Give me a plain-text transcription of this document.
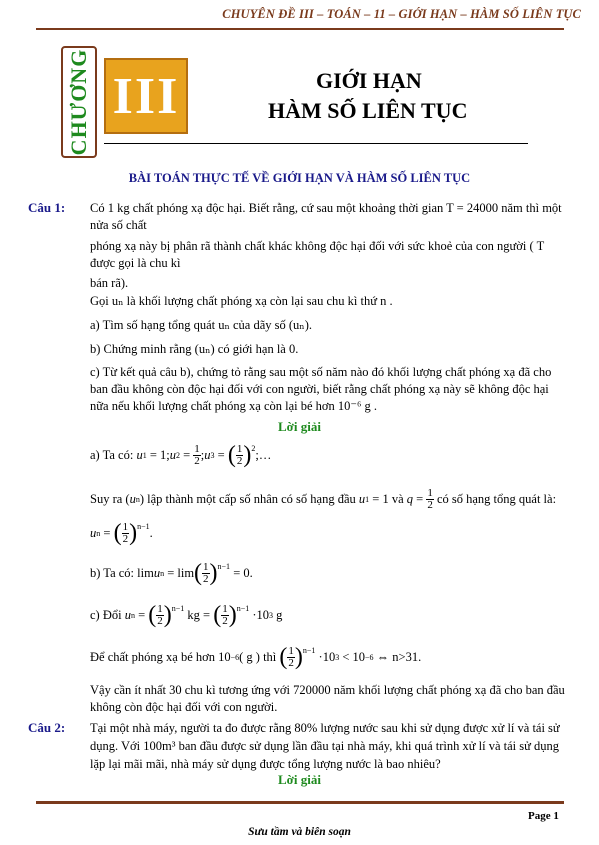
CHUYÊN ĐỀ III – TOÁN – 11 – GIỚI HẠN – HÀM SỐ LIÊN TỤC
CHƯƠNG III	GIỚI HẠN
HÀM SỐ LIÊN TỤC
BÀI TOÁN THỰC TẾ VỀ GIỚI HẠN VÀ HÀM SỐ LIÊN TỤC
Câu 1: Có 1 kg chất phóng xạ độc hại. Biết rằng, cứ sau một khoảng thời gian T = 24000 năm thì một
nửa số chất
phóng xạ này bị phân rã thành chất khác không độc hại đối với sức khoẻ của con người ( T
được gọi là chu kì
bán rã).
Gọi uₙ là khối lượng chất phóng xạ còn lại sau chu kì thứ n .
a) Tìm số hạng tổng quát uₙ của dãy số (uₙ).
b) Chứng minh rằng (uₙ) có giới hạn là 0.
c) Từ kết quả câu b), chứng tỏ rằng sau một số năm nào đó khối lượng chất phóng xạ đã cho
ban đầu không còn độc hại đối với con người, biết rằng chất phóng xạ này sẽ không độc hại
nữa nếu khối lượng chất phóng xạ còn lại bé hơn 10⁻⁶ g .
Lời giải
a) Ta có:
u 1 = 1; u $2 = \frac{1}{2}$ ; u 3 = ( $\frac{1}{2} )^2$ ;…
Suy ra ( u n ) lập thành một cấp số nhân có số hạng đầu
u 1 = 1 và
$q = \frac{1}{2}$
có số hạng tổng quát là:
u n = ( $\frac{1}{2} )^{n-1}$ .
b) Ta có: lim u n = lim ( $\frac{1}{2} )^{n-1} = 0$.
c) Đổi
u n = ( $\frac{1}{2} )^{n-1}$ kg = ( $\frac{1}{2} )^{n-1} \cdot 10_3$ g
Để chất phóng xạ bé hơn 10 −6 ( g ) thì
( $\frac{1}{2} )^{n-1} \cdot 10_3 < 10 -6$ ⇔ n>31.
Vậy cần ít nhất 30 chu kì tương ứng với 720000 năm khối lượng chất phóng xạ đã cho ban đầu
không còn độc hại đối với con người.
Câu 2: Tại một nhà máy, người ta đo được rằng 80% lượng nước sau khi sử dụng được xử lí và tái sử
dụng. Với 100m³ ban đầu được sử dụng lần đầu tại nhà máy, khi quá trình xử lí và tái sử dụng
lặp lại mãi mãi, nhà máy sử dụng được tổng lượng nước là bao nhiêu?
Lời giải
Page 1
Sưu tầm và biên soạn
